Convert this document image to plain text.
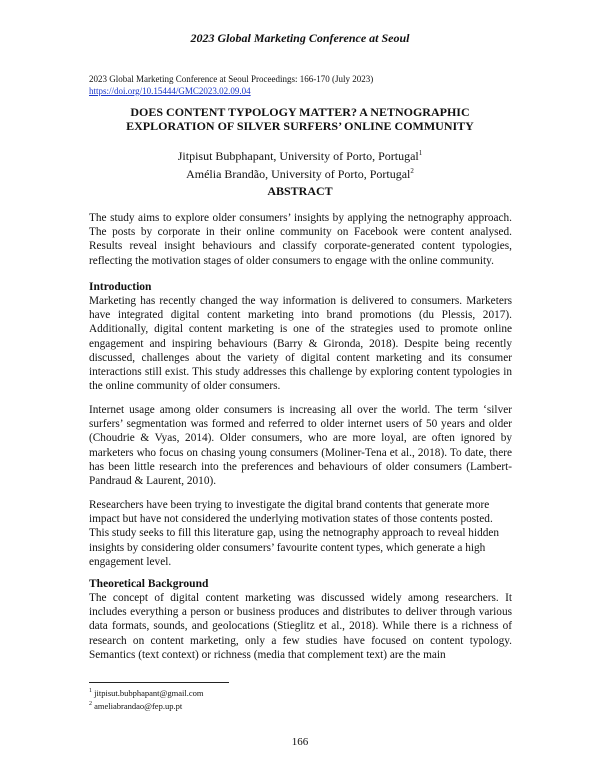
2023 Global Marketing Conference at Seoul
2023 Global Marketing Conference at Seoul Proceedings: 166-170 (July 2023)
https://doi.org/10.15444/GMC2023.02.09.04
DOES CONTENT TYPOLOGY MATTER? A NETNOGRAPHIC
EXPLORATION OF SILVER SURFERS’ ONLINE COMMUNITY
Jitpisut Bubphapant, University of Porto, Portugal$^1$
Amélia Brandão, University of Porto, Portugal$^2$
ABSTRACT

The study aims to explore older consumers’ insights by applying the netnography approach. The posts by corporate in their online community on Facebook were content analysed. Results reveal insight behaviours and classify corporate-generated content typologies, reflecting the motivation stages of older consumers to engage with the online community.

Introduction

Marketing has recently changed the way information is delivered to consumers. Marketers have integrated digital content marketing into brand promotions (du Plessis, 2017). Additionally, digital content marketing is one of the strategies used to promote online engagement and inspiring behaviours (Barry & Gironda, 2018). Despite being recently discussed, challenges about the variety of digital content marketing and its consumer interactions still exist. This study addresses this challenge by exploring content typologies in the online community of older consumers.

Internet usage among older consumers is increasing all over the world. The term ‘silver surfers’ segmentation was formed and referred to older internet users of 50 years and older (Choudrie & Vyas, 2014). Older consumers, who are more loyal, are often ignored by marketers who focus on chasing young consumers (Moliner-Tena et al., 2018). To date, there has been little research into the preferences and behaviours of older consumers (Lambert-Pandraud & Laurent, 2010).

Researchers have been trying to investigate the digital brand contents that generate more impact but have not considered the underlying motivation states of those contents posted. This study seeks to fill this literature gap, using the netnography approach to reveal hidden insights by considering older consumers’ favourite content types, which generate a high engagement level.

Theoretical Background

The concept of digital content marketing was discussed widely among researchers. It includes everything a person or business produces and distributes to deliver through various data formats, sounds, and geolocations (Stieglitz et al., 2018). While there is a richness of research on content marketing, only a few studies have focused on content typology. Semantics (text context) or richness (media that complement text) are the main

$^1$ jitpisut.bubphapant@gmail.com
$^2$ ameliabrandao@fep.up.pt
166
